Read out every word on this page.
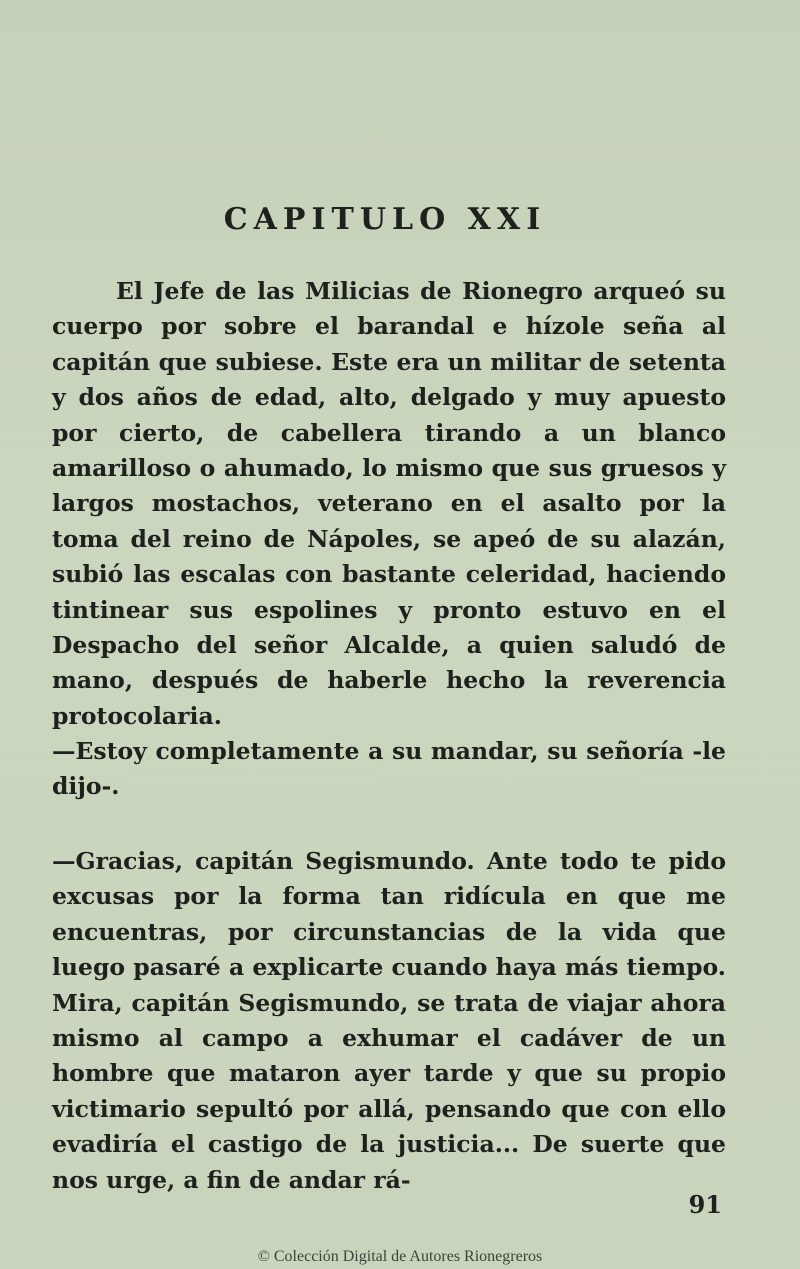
CAPITULO XXI

El Jefe de las Milicias de Rionegro arqueó su cuerpo por sobre el barandal e hízole seña al capitán que subiese. Este era un militar de setenta y dos años de edad, alto, delgado y muy apuesto por cierto, de cabellera tirando a un blanco amarilloso o ahumado, lo mismo que sus gruesos y largos mostachos, veterano en el asalto por la toma del reino de Nápoles, se apeó de su alazán, subió las escalas con bastante celeridad, haciendo tintinear sus espolines y pronto estuvo en el Despacho del señor Alcalde, a quien saludó de mano, después de haberle hecho la reverencia protocolaria.

—Estoy completamente a su mandar, su señoría -le dijo-.

—Gracias, capitán Segismundo. Ante todo te pido excusas por la forma tan ridícula en que me encuentras, por circunstancias de la vida que luego pasaré a explicarte cuando haya más tiempo. Mira, capitán Segismundo, se trata de viajar ahora mismo al campo a exhumar el cadáver de un hombre que mataron ayer tarde y que su propio victimario sepultó por allá, pensando que con ello evadiría el castigo de la justicia... De suerte que nos urge, a fin de andar rá-

91

© Colección Digital de Autores Rionegreros
